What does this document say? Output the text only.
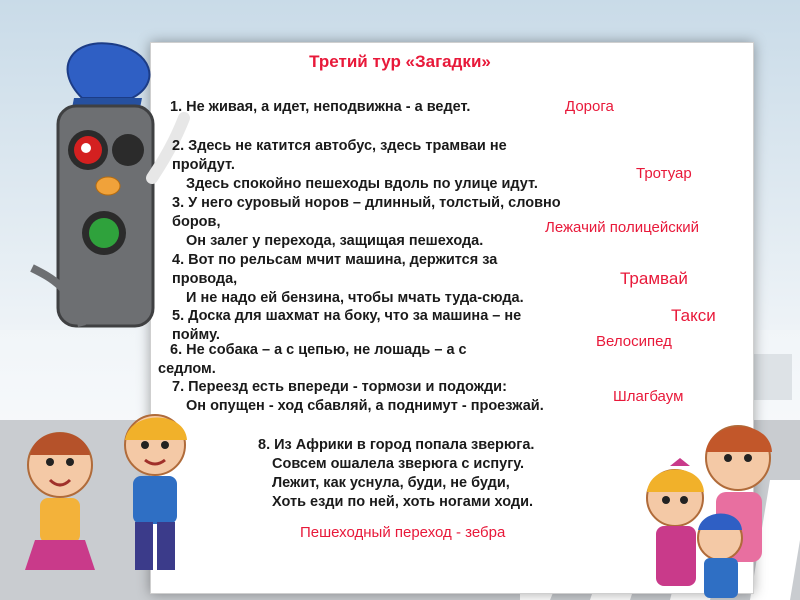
Третий тур «Загадки»
1. Не живая, а идет, неподвижна - а ведет.
2. Здесь не катится автобус, здесь трамваи не
пройдут.
Здесь спокойно пешеходы вдоль по улице идут.
3. У него суровый норов – длинный, толстый, словно
боров,
Он залег у перехода, защищая пешехода.
4. Вот по рельсам мчит машина, держится за
провода,
И не надо ей бензина, чтобы мчать туда-сюда.
5. Доска для шахмат на боку, что за машина – не
пойму.
6. Не собака – а с цепью, не лошадь – а с
седлом.
7. Переезд есть впереди - тормози и подожди:
Он опущен - ход сбавляй, а поднимут - проезжай.
8. Из Африки в город попала зверюга.
Совсем ошалела зверюга с испугу.
Лежит, как уснула, буди, не буди,
Хоть езди по ней, хоть ногами ходи.
Дорога
Тротуар
Лежачий полицейский
Трамвай
Такси
Велосипед
Шлагбаум
Пешеходный переход - зебра
